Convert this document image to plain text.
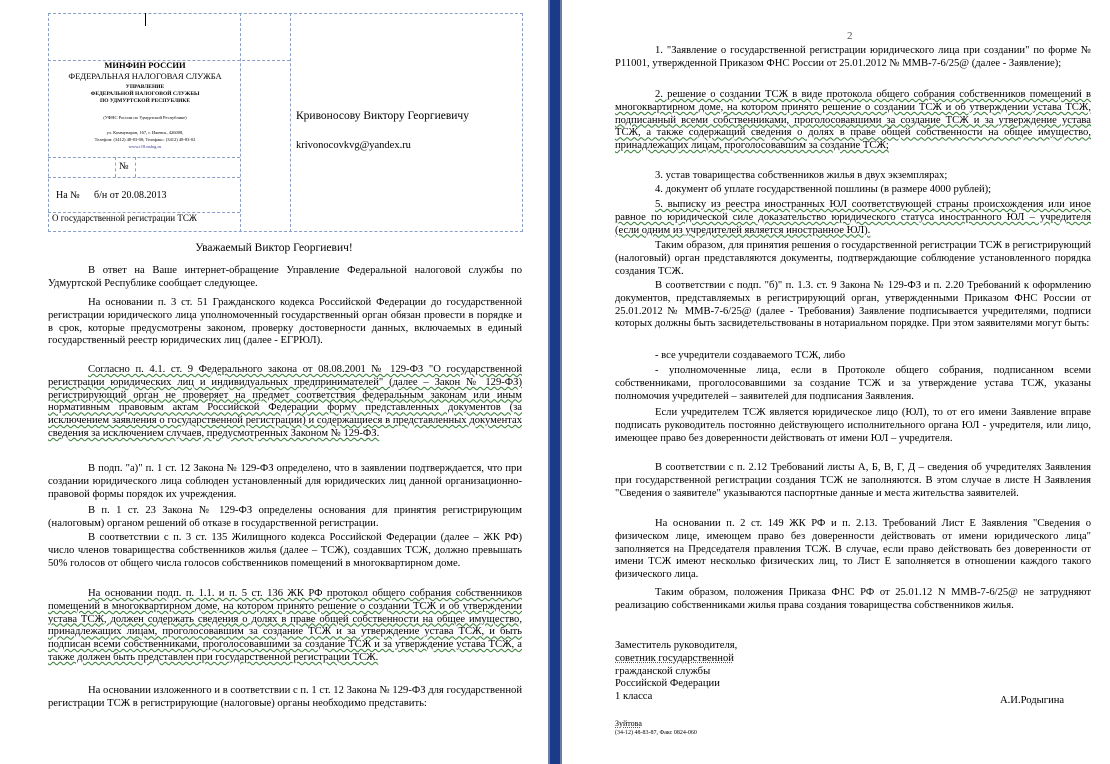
МИНФИН РОССИИ
ФЕДЕРАЛЬНАЯ НАЛОГОВАЯ СЛУЖБА
УПРАВЛЕНИЕ
ФЕДЕРАЛЬНОЙ НАЛОГОВОЙ СЛУЖБЫ
ПО УДМУРТСКОЙ РЕСПУБЛИКЕ
(УФНС России по Удмуртской Республике)
ул. Коммунаров, 167, г. Ижевск, 426008,
Телефон: (3412) 48-83-00; Телефакс: (3412) 48-83-02
www.r18.nalog.ru
№
На № б/н от 20.08.2013
О государственной регистрации ТСЖ
Кривоносову Виктору Георгиевичу
krivonocovkvg@yandex.ru
Уважаемый Виктор Георгиевич!
В ответ на Ваше интернет-обращение Управление Федеральной налоговой службы по Удмуртской Республике сообщает следующее.
На основании п. 3 ст. 51 Гражданского кодекса Российской Федерации до государственной регистрации юридического лица уполномоченный государственный орган обязан провести в порядке и в срок, которые предусмотрены законом, проверку достоверности данных, включаемых в единый государственный реестр юридических лиц (далее - ЕГРЮЛ).
Согласно п. 4.1. ст. 9 Федерального закона от 08.08.2001 № 129-ФЗ "О государственной регистрации юридических лиц и индивидуальных предпринимателей" (далее – Закон № 129-ФЗ) регистрирующий орган не проверяет на предмет соответствия федеральным законам или иным нормативным правовым актам Российской Федерации форму представленных документов (за исключением заявления о государственной регистрации) и содержащиеся в представленных документах сведения за исключением случаев, предусмотренных Законом № 129-ФЗ.
В подп. "а)" п. 1 ст. 12 Закона № 129-ФЗ определено, что в заявлении подтверждается, что при создании юридического лица соблюден установленный для юридических лиц данной организационно-правовой формы порядок их учреждения.
В п. 1 ст. 23 Закона № 129-ФЗ определены основания для принятия регистрирующим (налоговым) органом решений об отказе в государственной регистрации.
В соответствии с п. 3 ст. 135 Жилищного кодекса Российской Федерации (далее – ЖК РФ) число членов товарищества собственников жилья (далее – ТСЖ), создавших ТСЖ, должно превышать 50% голосов от общего числа голосов собственников помещений в многоквартирном доме.
На основании подп. п. 1.1. и п. 5 ст. 136 ЖК РФ протокол общего собрания собственников помещений в многоквартирном доме, на котором принято решение о создании ТСЖ и об утверждении устава ТСЖ, должен содержать сведения о долях в праве общей собственности на общее имущество, принадлежащих лицам, проголосовавшим за создание ТСЖ и за утверждение устава ТСЖ, и быть подписан всеми собственниками, проголосовавшими за создание ТСЖ и за утверждение устава ТСЖ, а также должен быть представлен при государственной регистрации ТСЖ.
На основании изложенного и в соответствии с п. 1 ст. 12 Закона № 129-ФЗ для государственной регистрации ТСЖ в регистрирующие (налоговые) органы необходимо представить:
2
1. "Заявление о государственной регистрации юридического лица при создании" по форме № Р11001, утвержденной Приказом ФНС России от 25.01.2012 № ММВ-7-6/25@ (далее - Заявление);
2. решение о создании ТСЖ в виде протокола общего собрания собственников помещений в многоквартирном доме, на котором принято решение о создании ТСЖ и об утверждении устава ТСЖ, подписанный всеми собственниками, проголосовавшими за создание ТСЖ и за утверждение устава ТСЖ, а также содержащий сведения о долях в праве общей собственности на общее имущество, принадлежащих лицам, проголосовавшим за создание ТСЖ;
3. устав товарищества собственников жилья в двух экземплярах;
4. документ об уплате государственной пошлины (в размере 4000 рублей);
5. выписку из реестра иностранных ЮЛ соответствующей страны происхождения или иное равное по юридической силе доказательство юридического статуса иностранного ЮЛ – учредителя (если одним из учредителей является иностранное ЮЛ).
Таким образом, для принятия решения о государственной регистрации ТСЖ в регистрирующий (налоговый) орган представляются документы, подтверждающие соблюдение установленного порядка создания ТСЖ.
В соответствии с подп. "б)" п. 1.3. ст. 9 Закона № 129-ФЗ и п. 2.20 Требований к оформлению документов, представляемых в регистрирующий орган, утвержденными Приказом ФНС России от 25.01.2012 № ММВ-7-6/25@ (далее - Требования) Заявление подписывается учредителями, подписи которых должны быть засвидетельствованы в нотариальном порядке. При этом заявителями могут быть:
- все учредители создаваемого ТСЖ, либо
- уполномоченные лица, если в Протоколе общего собрания, подписанном всеми собственниками, проголосовавшими за создание ТСЖ и за утверждение устава ТСЖ, указаны полномочия учредителей – заявителей для подписания Заявления.
Если учредителем ТСЖ является юридическое лицо (ЮЛ), то от его имени Заявление вправе подписать руководитель постоянно действующего исполнительного органа ЮЛ - учредителя, или лицо, имеющее право без доверенности действовать от имени ЮЛ – учредителя.
В соответствии с п. 2.12 Требований листы А, Б, В, Г, Д – сведения об учредителях Заявления при государственной регистрации создания ТСЖ не заполняются. В этом случае в листе Н Заявления "Сведения о заявителе" указываются паспортные данные и места жительства заявителей.
На основании п. 2 ст. 149 ЖК РФ и п. 2.13. Требований Лист Е Заявления "Сведения о физическом лице, имеющем право без доверенности действовать от имени юридического лица" заполняется на Председателя правления ТСЖ. В случае, если право действовать без доверенности от имени ТСЖ имеют несколько физических лиц, то Лист Е заполняется в отношении каждого такого физического лица.
Таким образом, положения Приказа ФНС РФ от 25.01.12 N ММВ-7-6/25@ не затрудняют реализацию собственниками жилья права создания товарищества собственников жилья.
Заместитель руководителя,
советник государственной
гражданской службы
Российской Федерации
1 класса	А.И.Родыгина
Зуйтова
(34-12) 48-83-87, Факс 0824-060
